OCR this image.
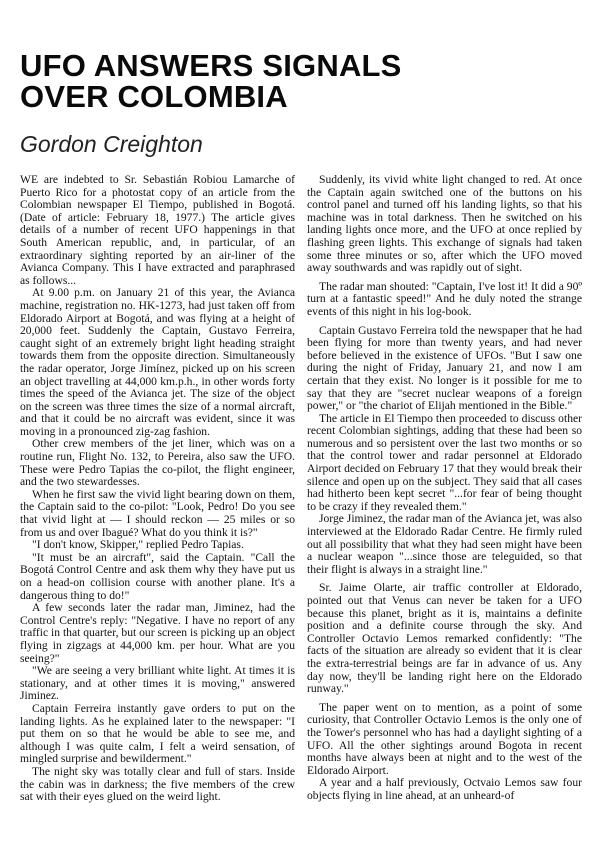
UFO ANSWERS SIGNALS
OVER COLOMBIA
Gordon Creighton

WE are indebted to Sr. Sebastián Robiou Lamarche of Puerto Rico for a photostat copy of an article from the Colombian newspaper El Tiempo, published in Bogotá. (Date of article: February 18, 1977.) The article gives details of a number of recent UFO happenings in that South American republic, and, in particular, of an extraordinary sighting reported by an air-liner of the Avianca Company. This I have extracted and paraphrased as follows...

At 9.00 p.m. on January 21 of this year, the Avianca machine, registration no. HK-1273, had just taken off from Eldorado Airport at Bogotá, and was flying at a height of 20,000 feet. Suddenly the Captain, Gustavo Ferreira, caught sight of an extremely bright light heading straight towards them from the opposite direction. Simultaneously the radar operator, Jorge Jimínez, picked up on his screen an object travelling at 44,000 km.p.h., in other words forty times the speed of the Avianca jet. The size of the object on the screen was three times the size of a normal aircraft, and that it could be no aircraft was evident, since it was moving in a pronounced zig-zag fashion.

Other crew members of the jet liner, which was on a routine run, Flight No. 132, to Pereira, also saw the UFO. These were Pedro Tapias the co-pilot, the flight engineer, and the two stewardesses.

When he first saw the vivid light bearing down on them, the Captain said to the co-pilot: "Look, Pedro! Do you see that vivid light at — I should reckon — 25 miles or so from us and over Ibagué? What do you think it is?"

"I don't know, Skipper," replied Pedro Tapias.

"It must be an aircraft", said the Captain. "Call the Bogotá Control Centre and ask them why they have put us on a head-on collision course with another plane. It's a dangerous thing to do!"

A few seconds later the radar man, Jiminez, had the Control Centre's reply: "Negative. I have no report of any traffic in that quarter, but our screen is picking up an object flying in zigzags at 44,000 km. per hour. What are you seeing?"

"We are seeing a very brilliant white light. At times it is stationary, and at other times it is moving," answered Jiminez.

Captain Ferreira instantly gave orders to put on the landing lights. As he explained later to the newspaper: "I put them on so that he would be able to see me, and although I was quite calm, I felt a weird sensation, of mingled surprise and bewilderment."

The night sky was totally clear and full of stars. Inside the cabin was in darkness; the five members of the crew sat with their eyes glued on the weird light.

Suddenly, its vivid white light changed to red. At once the Captain again switched one of the buttons on his control panel and turned off his landing lights, so that his machine was in total darkness. Then he switched on his landing lights once more, and the UFO at once replied by flashing green lights. This exchange of signals had taken some three minutes or so, after which the UFO moved away southwards and was rapidly out of sight.

The radar man shouted: "Captain, I've lost it! It did a 90º turn at a fantastic speed!" And he duly noted the strange events of this night in his log-book.

Captain Gustavo Ferreira told the newspaper that he had been flying for more than twenty years, and had never before believed in the existence of UFOs. "But I saw one during the night of Friday, January 21, and now I am certain that they exist. No longer is it possible for me to say that they are "secret nuclear weapons of a foreign power," or "the chariot of Elijah mentioned in the Bible."

The article in El Tiempo then proceeded to discuss other recent Colombian sightings, adding that these had been so numerous and so persistent over the last two months or so that the control tower and radar personnel at Eldorado Airport decided on February 17 that they would break their silence and open up on the subject. They said that all cases had hitherto been kept secret "...for fear of being thought to be crazy if they revealed them."

Jorge Jiminez, the radar man of the Avianca jet, was also interviewed at the Eldorado Radar Centre. He firmly ruled out all possibility that what they had seen might have been a nuclear weapon "...since those are teleguided, so that their flight is always in a straight line."

Sr. Jaime Olarte, air traffic controller at Eldorado, pointed out that Venus can never be taken for a UFO because this planet, bright as it is, maintains a definite position and a definite course through the sky. And Controller Octavio Lemos remarked confidently: "The facts of the situation are already so evident that it is clear the extra-terrestrial beings are far in advance of us. Any day now, they'll be landing right here on the Eldorado runway."

The paper went on to mention, as a point of some curiosity, that Controller Octavio Lemos is the only one of the Tower's personnel who has had a daylight sighting of a UFO. All the other sightings around Bogota in recent months have always been at night and to the west of the Eldorado Airport.

A year and a half previously, Octvaio Lemos saw four objects flying in line ahead, at an unheard-of
